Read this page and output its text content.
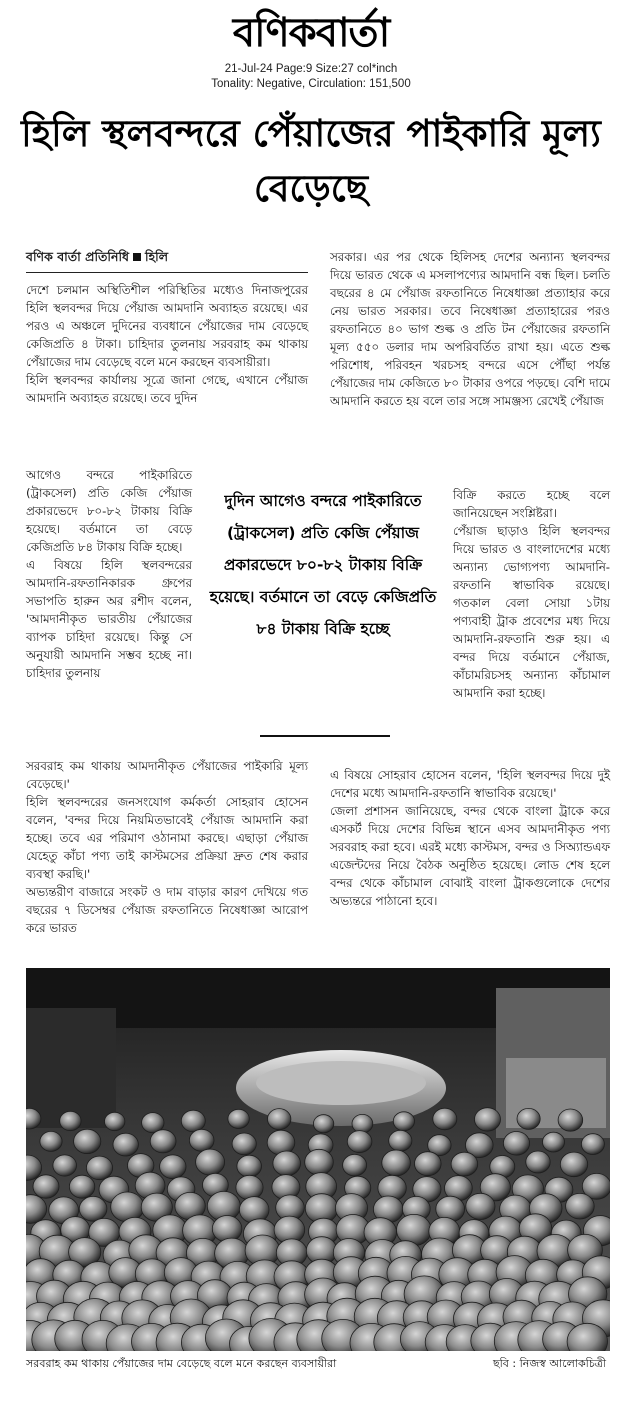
বণিকবার্তা
21-Jul-24 Page:9 Size:27 col*inch
Tonality: Negative, Circulation: 151,500
হিলি স্থলবন্দরে পেঁয়াজের পাইকারি মূল্য বেড়েছে
বণিক বার্তা প্রতিনিধি হিলি

দেশে চলমান অস্থিতিশীল পরিস্থিতির মধ্যেও দিনাজপুরের হিলি স্থলবন্দর দিয়ে পেঁয়াজ আমদানি অব্যাহত রয়েছে। এর পরও এ অঞ্চলে দুদিনের ব্যবধানে পেঁয়াজের দাম বেড়েছে কেজিপ্রতি ৪ টাকা। চাহিদার তুলনায় সরবরাহ কম থাকায় পেঁয়াজের দাম বেড়েছে বলে মনে করছেন ব্যবসায়ীরা।

হিলি স্থলবন্দর কার্যালয় সূত্রে জানা গেছে, এখানে পেঁয়াজ আমদানি অব্যাহত রয়েছে। তবে দুদিন

আগেও বন্দরে পাইকারিতে (ট্রাকসেল) প্রতি কেজি পেঁয়াজ প্রকারভেদে ৮০-৮২ টাকায় বিক্রি হয়েছে। বর্তমানে তা বেড়ে কেজিপ্রতি ৮৪ টাকায় বিক্রি হচ্ছে।

এ বিষয়ে হিলি স্থলবন্দরের আমদানি-রফতানিকারক গ্রুপের সভাপতি হারুন অর রশীদ বলেন, 'আমদানীকৃত ভারতীয় পেঁয়াজের ব্যাপক চাহিদা রয়েছে। কিন্তু সে অনুযায়ী আমদানি সম্ভব হচ্ছে না। চাহিদার তুলনায়

সরবরাহ কম থাকায় আমদানীকৃত পেঁয়াজের পাইকারি মূল্য বেড়েছে।'

হিলি স্থলবন্দরের জনসংযোগ কর্মকর্তা সোহরাব হোসেন বলেন, 'বন্দর দিয়ে নিয়মিতভাবেই পেঁয়াজ আমদানি করা হচ্ছে। তবে এর পরিমাণ ওঠানামা করছে। এছাড়া পেঁয়াজ যেহেতু কাঁচা পণ্য তাই কাস্টমসের প্রক্রিয়া দ্রুত শেষ করার ব্যবস্থা করছি।'

অভ্যন্তরীণ বাজারে সংকট ও দাম বাড়ার কারণ দেখিয়ে গত বছরের ৭ ডিসেম্বর পেঁয়াজ রফতানিতে নিষেধাজ্ঞা আরোপ করে ভারত

সরকার। এর পর থেকে হিলিসহ দেশের অন্যান্য স্থলবন্দর দিয়ে ভারত থেকে এ মসলাপণ্যের আমদানি বন্ধ ছিল। চলতি বছরের ৪ মে পেঁয়াজ রফতানিতে নিষেধাজ্ঞা প্রত্যাহার করে নেয় ভারত সরকার। তবে নিষেধাজ্ঞা প্রত্যাহারের পরও রফতানিতে ৪০ ভাগ শুল্ক ও প্রতি টন পেঁয়াজের রফতানি মূল্য ৫৫০ ডলার দাম অপরিবর্তিত রাখা হয়। এতে শুল্ক পরিশোধ, পরিবহন খরচসহ বন্দরে এসে পৌঁছা পর্যন্ত পেঁয়াজের দাম কেজিতে ৮০ টাকার ওপরে পড়ছে। বেশি দামে আমদানি করতে হয় বলে তার সঙ্গে সামঞ্জস্য রেখেই পেঁয়াজ

বিক্রি করতে হচ্ছে বলে জানিয়েছেন সংশ্লিষ্টরা।

পেঁয়াজ ছাড়াও হিলি স্থলবন্দর দিয়ে ভারত ও বাংলাদেশের মধ্যে অন্যান্য ভোগ্যপণ্য আমদানি-রফতানি স্বাভাবিক রয়েছে। গতকাল বেলা সোয়া ১টায় পণ্যবাহী ট্রাক প্রবেশের মধ্য দিয়ে আমদানি-রফতানি শুরু হয়। এ বন্দর দিয়ে বর্তমানে পেঁয়াজ, কাঁচামরিচসহ অন্যান্য কাঁচামাল আমদানি করা হচ্ছে।

এ বিষয়ে সোহরাব হোসেন বলেন, 'হিলি স্থলবন্দর দিয়ে দুই দেশের মধ্যে আমদানি-রফতানি স্বাভাবিক রয়েছে।'

জেলা প্রশাসন জানিয়েছে, বন্দর থেকে বাংলা ট্রাকে করে এসকর্ট দিয়ে দেশের বিভিন্ন স্থানে এসব আমদানীকৃত পণ্য সরবরাহ করা হবে। এরই মধ্যে কাস্টমস, বন্দর ও সিঅ্যান্ডএফ এজেন্টদের নিয়ে বৈঠক অনুষ্ঠিত হয়েছে। লোড শেষ হলে বন্দর থেকে কাঁচামাল বোঝাই বাংলা ট্রাকগুলোকে দেশের অভ্যন্তরে পাঠানো হবে।

দুদিন আগেও বন্দরে পাইকারিতে (ট্রাকসেল) প্রতি কেজি পেঁয়াজ প্রকারভেদে ৮০-৮২ টাকায় বিক্রি হয়েছে। বর্তমানে তা বেড়ে কেজিপ্রতি ৮৪ টাকায় বিক্রি হচ্ছে
সরবরাহ কম থাকায় পেঁয়াজের দাম বেড়েছে বলে মনে করছেন ব্যবসায়ীরা	ছবি : নিজস্ব আলোকচিত্রী
